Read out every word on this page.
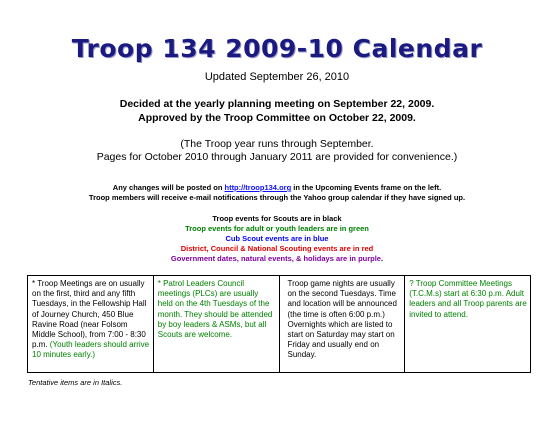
Troop 134 2009-10 Calendar
Updated September 26, 2010
Decided at the yearly planning meeting on September 22, 2009.
Approved by the Troop Committee on October 22, 2009.
(The Troop year runs through September.
Pages for October 2010 through January 2011 are provided for convenience.)
Any changes will be posted on http://troop134.org in the Upcoming Events frame on the left.
Troop members will receive e-mail notifications through the Yahoo group calendar if they have signed up.
Troop events for Scouts are in black
Troop events for adult or youth leaders are in green
Cub Scout events are in blue
District, Council & National Scouting events are in red
Government dates, natural events, & holidays are in purple.
* Troop Meetings are on usually on the first, third and any fifth Tuesdays, in the Fellowship Hall of Journey Church, 450 Blue Ravine Road (near Folsom Middle School), from 7:00 - 8:30 p.m. (Youth leaders should arrive 10 minutes early.)
* Patrol Leaders Council meetings (PLCs) are usually held on the 4th Tuesdays of the month. They should be attended by boy leaders & ASMs, but all Scouts are welcome.
Troop game nights are usually on the second Tuesdays. Time and location will be announced (the time is often 6:00 p.m.)
Overnights which are listed to start on Saturday may start on Friday and usually end on Sunday.
? Troop Committee Meetings (T.C.M.s) start at 6:30 p.m. Adult leaders and all Troop parents are invited to attend.
Tentative items are in Italics.
